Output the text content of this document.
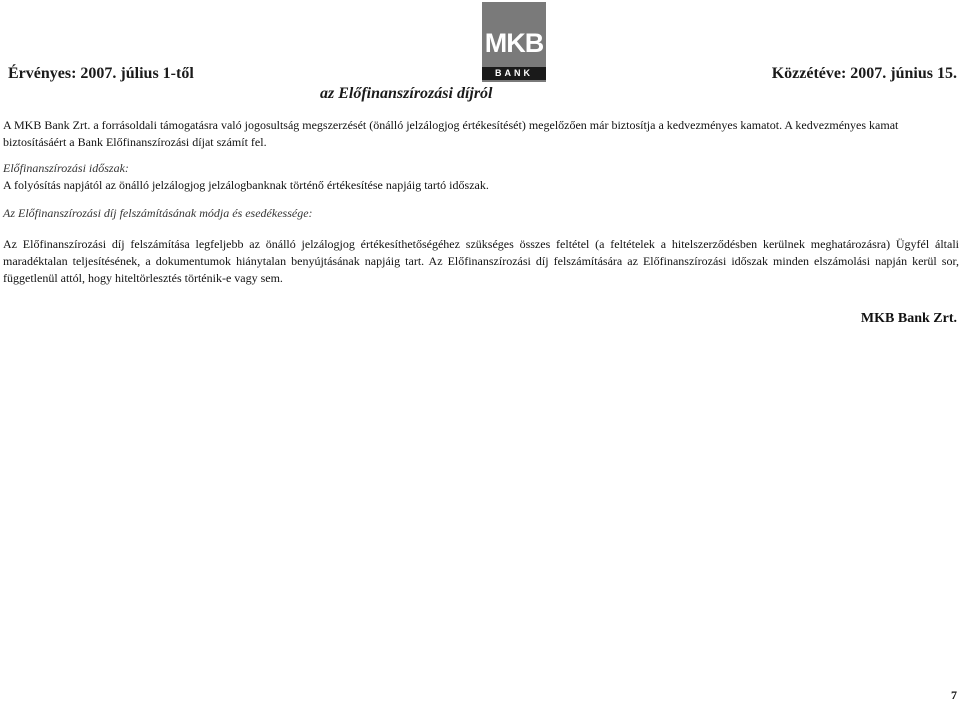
Érvényes: 2007. július 1-től
MKB
BANK	Közzétéve: 2007. június 15.
az Előfinanszírozási díjról

A MKB Bank Zrt. a forrásoldali támogatásra való jogosultság megszerzését (önálló jelzálogjog értékesítését) megelőzően már biztosítja a kedvezményes kamatot. A kedvezményes kamat biztosításáért a Bank Előfinanszírozási díjat számít fel.

Előfinanszírozási időszak:

A folyósítás napjától az önálló jelzálogjog jelzálogbanknak történő értékesítése napjáig tartó időszak.

Az Előfinanszírozási díj felszámításának módja és esedékessége:

Az Előfinanszírozási díj felszámítása legfeljebb az önálló jelzálogjog értékesíthetőségéhez szükséges összes feltétel (a feltételek a hitelszerződésben kerülnek meghatározásra) Ügyfél általi maradéktalan teljesítésének, a dokumentumok hiánytalan benyújtásának napjáig tart. Az Előfinanszírozási díj felszámítására az Előfinanszírozási időszak minden elszámolási napján kerül sor, függetlenül attól, hogy hiteltörlesztés történik-e vagy sem.

MKB Bank Zrt.
7
